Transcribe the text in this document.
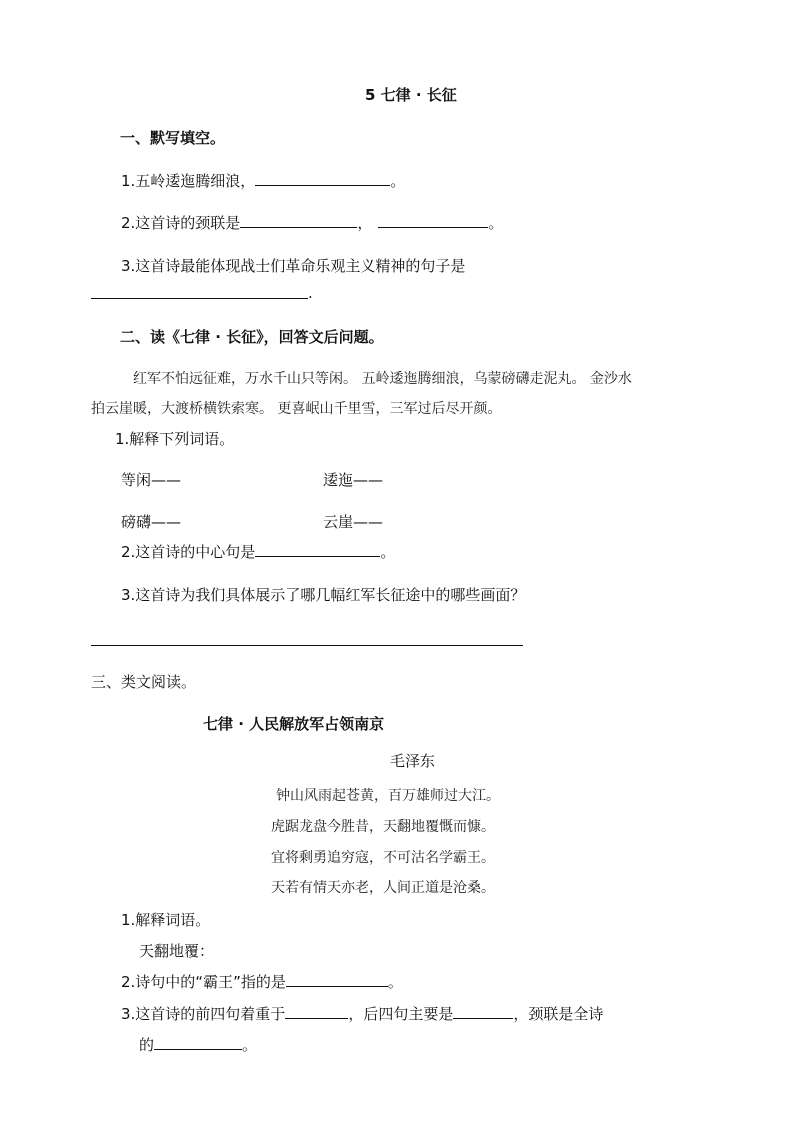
5 七律 · 长征
一、默写填空。
1.五岭逶迤腾细浪，	。
2.这首诗的颈联是	，	。
3.这首诗最能体现战士们革命乐观主义精神的句子是
.
二、读《七律 · 长征》，回答文后问题。
红军不怕远征难，万水千山只等闲。 五岭逶迤腾细浪，乌蒙磅礴走泥丸。 金沙水
拍云崖暖，大渡桥横铁索寒。 更喜岷山千里雪，三军过后尽开颜。
1.解释下列词语。
等闲——	逶迤——
磅礴——	云崖——
2.这首诗的中心句是	。
3.这首诗为我们具体展示了哪几幅红军长征途中的哪些画面？
三、类文阅读。
七律 · 人民解放军占领南京
毛泽东
钟山风雨起苍黄，百万雄师过大江。
虎踞龙盘今胜昔，天翻地覆慨而慷。
宜将剩勇追穷寇，不可沽名学霸王。
天若有情天亦老，人间正道是沧桑。
1.解释词语。
天翻地覆：
2.诗句中的“霸王”指的是	。
3.这首诗的前四句着重于	，后四句主要是	，颈联是全诗
的	。
